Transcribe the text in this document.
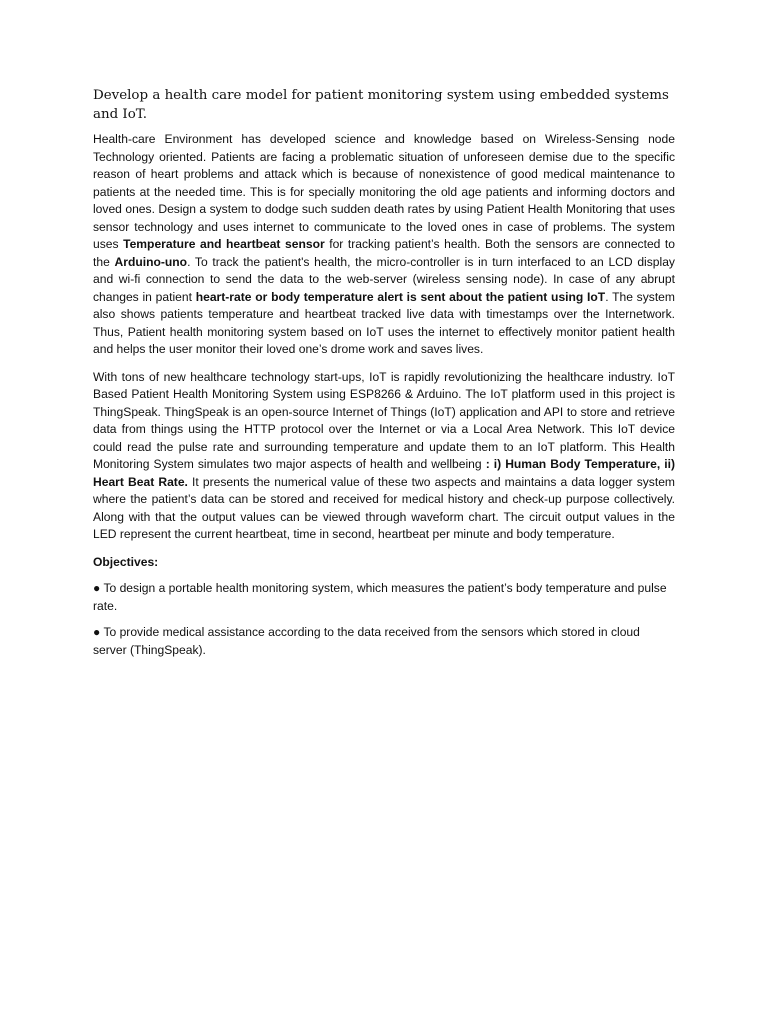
Develop a health care model for patient monitoring system using embedded systems and IoT.

Health-care Environment has developed science and knowledge based on Wireless-Sensing node Technology oriented. Patients are facing a problematic situation of unforeseen demise due to the specific reason of heart problems and attack which is because of nonexistence of good medical maintenance to patients at the needed time. This is for specially monitoring the old age patients and informing doctors and loved ones. Design a system to dodge such sudden death rates by using Patient Health Monitoring that uses sensor technology and uses internet to communicate to the loved ones in case of problems. The system uses Temperature and heartbeat sensor for tracking patient’s health. Both the sensors are connected to the Arduino-uno. To track the patient's health, the micro-controller is in turn interfaced to an LCD display and wi-fi connection to send the data to the web-server (wireless sensing node). In case of any abrupt changes in patient heart-rate or body temperature alert is sent about the patient using IoT. The system also shows patients temperature and heartbeat tracked live data with timestamps over the Internetwork. Thus, Patient health monitoring system based on IoT uses the internet to effectively monitor patient health and helps the user monitor their loved one’s drome work and saves lives.

With tons of new healthcare technology start-ups, IoT is rapidly revolutionizing the healthcare industry. IoT Based Patient Health Monitoring System using ESP8266 & Arduino. The IoT platform used in this project is ThingSpeak. ThingSpeak is an open-source Internet of Things (IoT) application and API to store and retrieve data from things using the HTTP protocol over the Internet or via a Local Area Network. This IoT device could read the pulse rate and surrounding temperature and update them to an IoT platform. This Health Monitoring System simulates two major aspects of health and wellbeing : i) Human Body Temperature, ii) Heart Beat Rate. It presents the numerical value of these two aspects and maintains a data logger system where the patient’s data can be stored and received for medical history and check-up purpose collectively. Along with that the output values can be viewed through waveform chart. The circuit output values in the LED represent the current heartbeat, time in second, heartbeat per minute and body temperature.

Objectives:

● To design a portable health monitoring system, which measures the patient’s body temperature and pulse rate.

● To provide medical assistance according to the data received from the sensors which stored in cloud server (ThingSpeak).
